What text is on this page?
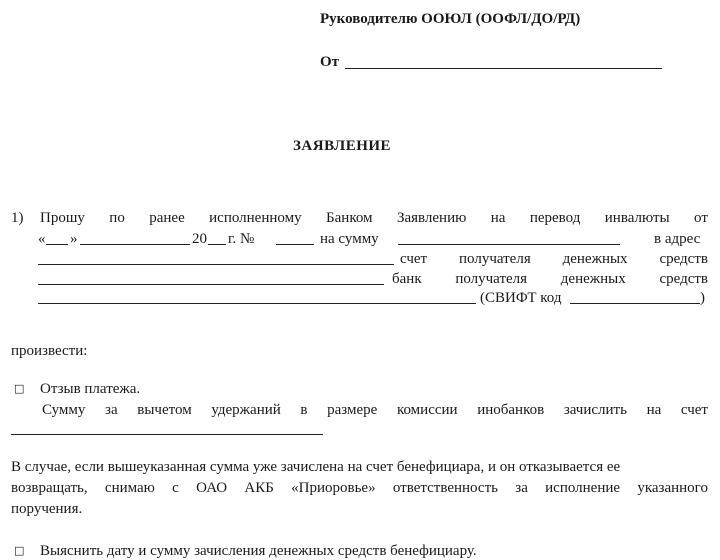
Руководителю ООЮЛ (ООФЛ/ДО/РД)
От
ЗАЯВЛЕНИЕ
1) Прошу по ранее исполненному Банком Заявлению на перевод инвалюты от
« »	20 г. №	на сумму	в адрес
счет получателя денежных средств
банк получателя денежных средств
(СВИФТ код	)
произвести:
□ Отзыв платежа.
Сумму за вычетом удержаний в размере комиссии инобанков зачислить на счет
В случае, если вышеуказанная сумма уже зачислена на счет бенефициара, и он отказывается ее
возвращать, снимаю с ОАО АКБ «Приоровье» ответственность за исполнение указанного
поручения.
□ Выяснить дату и сумму зачисления денежных средств бенефициару.
